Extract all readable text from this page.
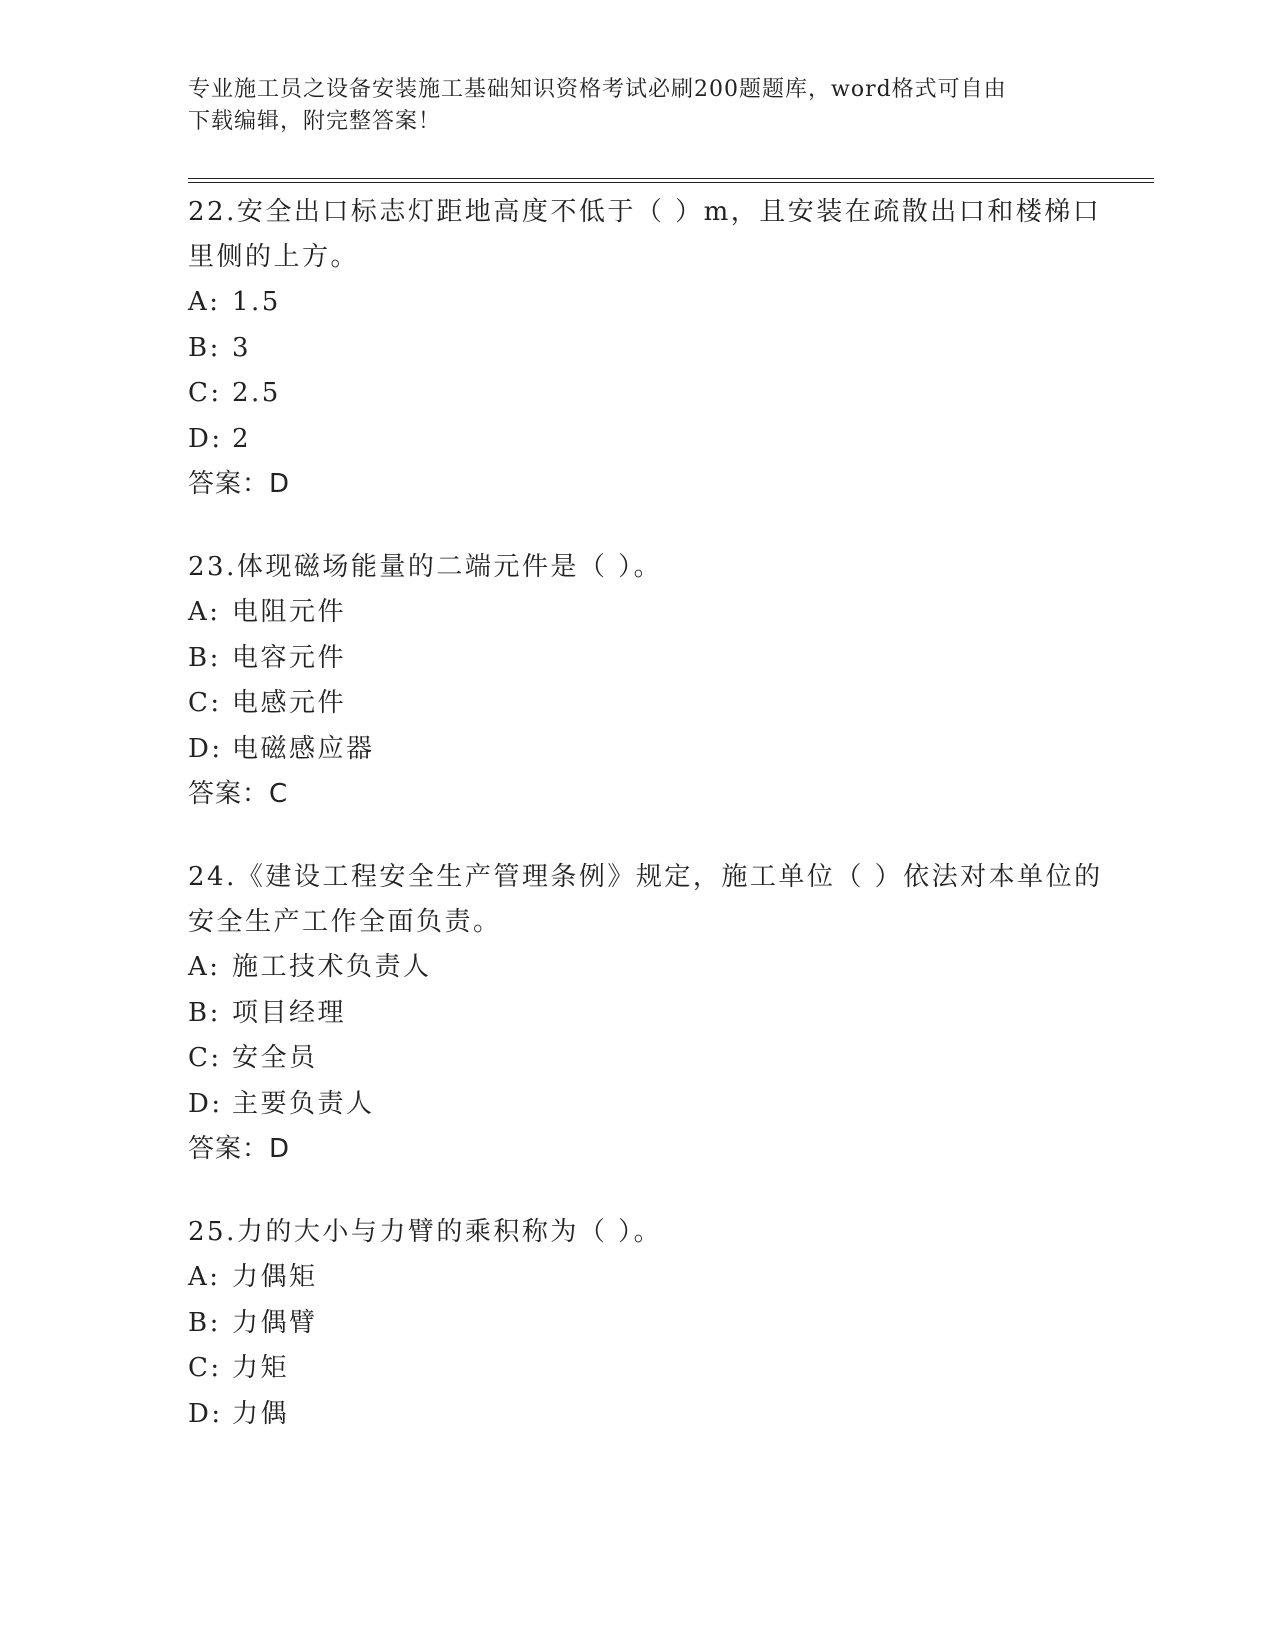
专业施工员之设备安装施工基础知识资格考试必刷200题题库，word格式可自由
下载编辑，附完整答案！

22.安全出口标志灯距地高度不低于（ ）m，且安装在疏散出口和楼梯口里侧的上方。

A: 1.5

B: 3

C: 2.5

D: 2

答案：D

23.体现磁场能量的二端元件是（ ）。

A: 电阻元件

B: 电容元件

C: 电感元件

D: 电磁感应器

答案：C

24.《建设工程安全生产管理条例》规定，施工单位（ ）依法对本单位的安全生产工作全面负责。

A: 施工技术负责人

B: 项目经理

C: 安全员

D: 主要负责人

答案：D

25.力的大小与力臂的乘积称为（ ）。

A: 力偶矩

B: 力偶臂

C: 力矩

D: 力偶
